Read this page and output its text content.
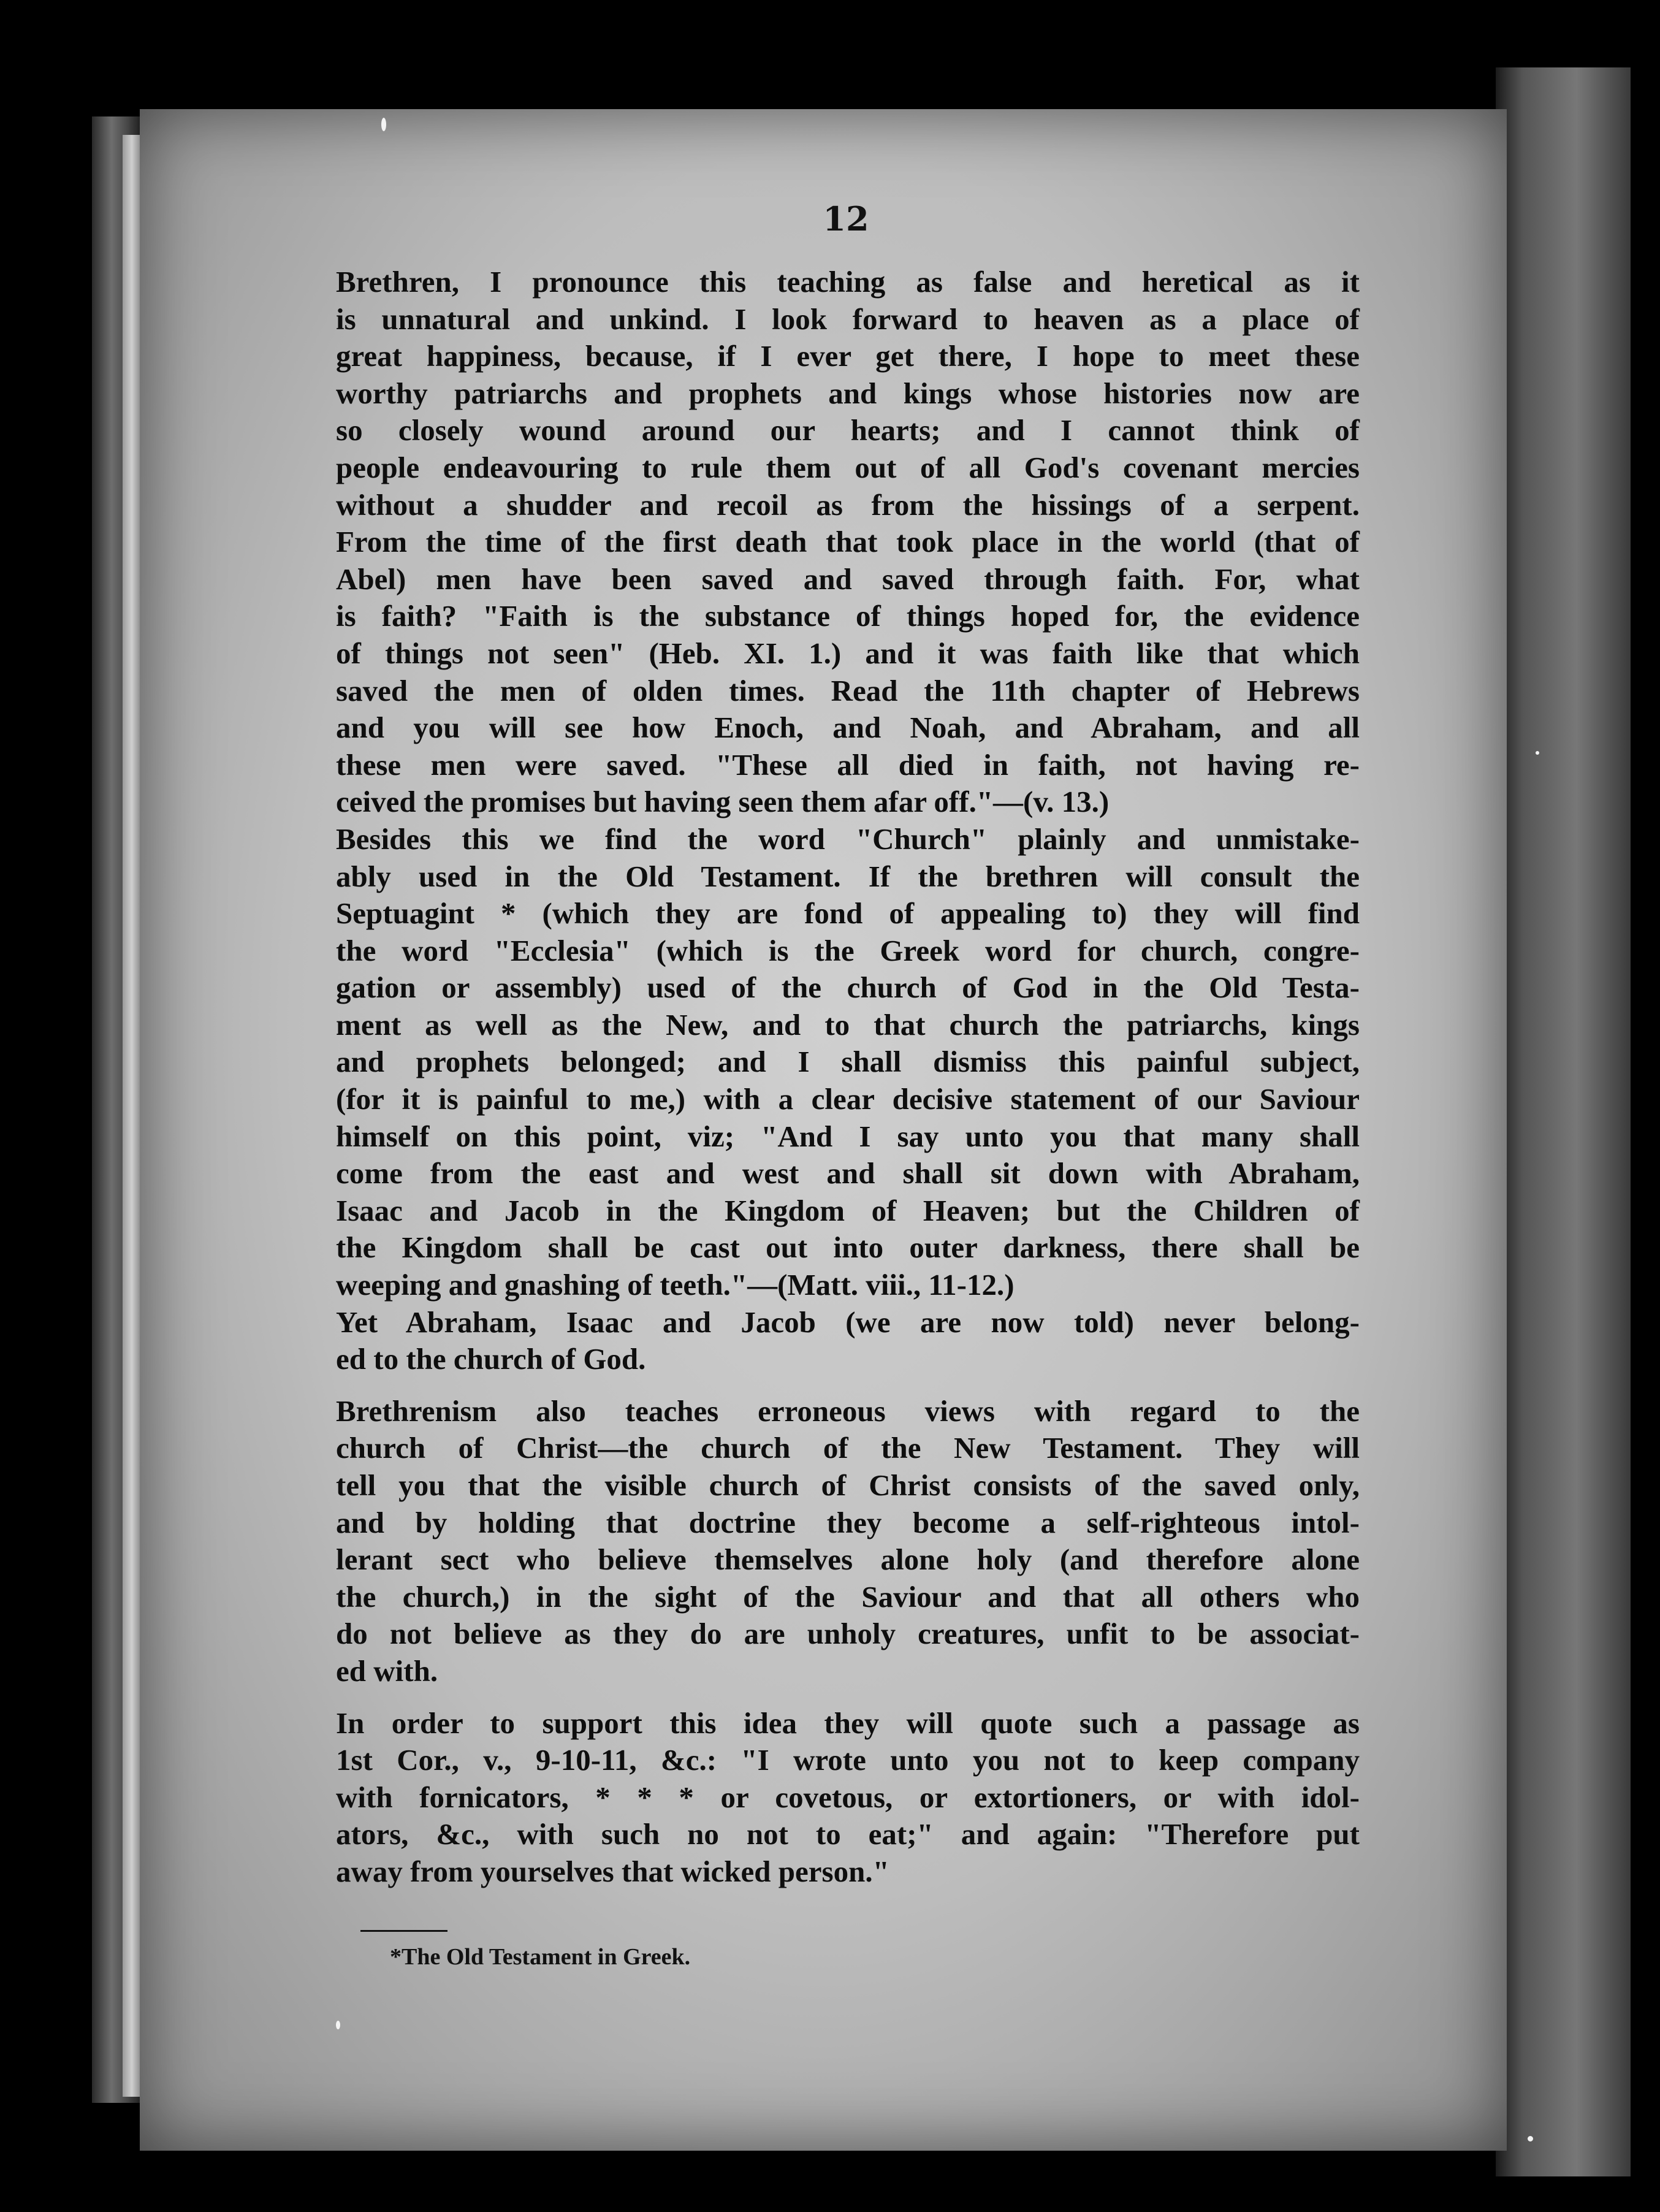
12
Brethren, I pronounce this teaching as false and heretical as it
is unnatural and unkind. I look forward to heaven as a place of
great happiness, because, if I ever get there, I hope to meet these
worthy patriarchs and prophets and kings whose histories now are
so closely wound around our hearts; and I cannot think of
people endeavouring to rule them out of all God's covenant mercies
without a shudder and recoil as from the hissings of a serpent.
From the time of the first death that took place in the world (that of
Abel) men have been saved and saved through faith. For, what
is faith? "Faith is the substance of things hoped for, the evidence
of things not seen" (Heb. XI. 1.) and it was faith like that which
saved the men of olden times. Read the 11th chapter of Hebrews
and you will see how Enoch, and Noah, and Abraham, and all
these men were saved. "These all died in faith, not having re-
ceived the promises but having seen them afar off."—(v. 13.)
Besides this we find the word "Church" plainly and unmistake-
ably used in the Old Testament. If the brethren will consult the
Septuagint * (which they are fond of appealing to) they will find
the word "Ecclesia" (which is the Greek word for church, congre-
gation or assembly) used of the church of God in the Old Testa-
ment as well as the New, and to that church the patriarchs, kings
and prophets belonged; and I shall dismiss this painful subject,
(for it is painful to me,) with a clear decisive statement of our Saviour
himself on this point, viz; "And I say unto you that many shall
come from the east and west and shall sit down with Abraham,
Isaac and Jacob in the Kingdom of Heaven; but the Children of
the Kingdom shall be cast out into outer darkness, there shall be
weeping and gnashing of teeth."—(Matt. viii., 11-12.)
Yet Abraham, Isaac and Jacob (we are now told) never belong-
ed to the church of God.
Brethrenism also teaches erroneous views with regard to the
church of Christ—the church of the New Testament. They will
tell you that the visible church of Christ consists of the saved only,
and by holding that doctrine they become a self-righteous intol-
lerant sect who believe themselves alone holy (and therefore alone
the church,) in the sight of the Saviour and that all others who
do not believe as they do are unholy creatures, unfit to be associat-
ed with.
In order to support this idea they will quote such a passage as
1st Cor., v., 9-10-11, &c.: "I wrote unto you not to keep company
with fornicators, * * * or covetous, or extortioners, or with idol-
ators, &c., with such no not to eat;" and again: "Therefore put
away from yourselves that wicked person."
*The Old Testament in Greek.
